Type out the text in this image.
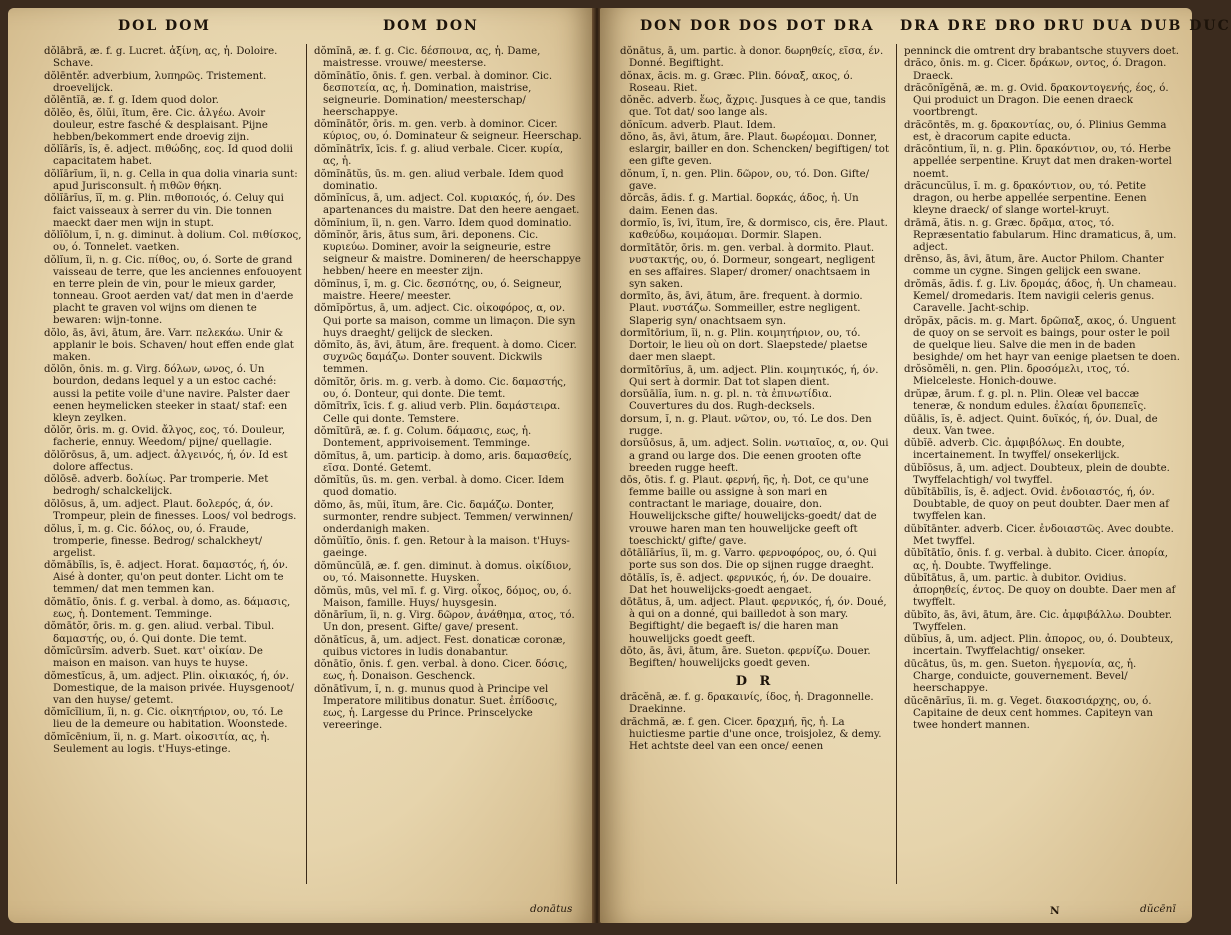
DOL DOM	DOM DON

dŏlābrā, æ. f. g. Lucret. ἀξίνη, ας, ἡ. Doloire. Schave.

dŏlēntěr. adverbium, λυπηρῶς. Tristement. droevelijck.

dŏlēntĭā, æ. f. g. Idem quod dolor.

dŏlĕo, ēs, ŏlŭi, ĭtum, ēre. Cic. ἀλγέω. Avoir douleur, estre fasché & desplaisant. Pijne hebben/bekommert ende droevig zijn.

dŏlĭārĭs, ĭs, ē. adject. πιθώδης, εος. Id quod dolii capacitatem habet.

dŏlĭārĭum, ĭi, n. g. Cella in qua dolia vinaria sunt: apud Jurisconsult. ἡ πιθῶν θήκη.

dŏlĭārĭus, ĭĭ, m. g. Plin. πιθοποιός, ό. Celuy qui faict vaisseaux à serrer du vin. Die tonnen maeckt daer men wijn in stupt.

dŏlĭŏlum, ĭ, n. g. diminut. à dolium. Col. πιθίσκος, ου, ό. Tonnelet. vaetken.

dŏlĭum, ĭi, n. g. Cic. πίθος, ου, ό. Sorte de grand vaisseau de terre, que les anciennes enfouoyent en terre plein de vin, pour le mieux garder, tonneau. Groot aerden vat/ dat men in d'aerde placht te graven vol wijns om dienen te bewaren: wijn-tonne.

dŏlo, ās, āvi, ātum, āre. Varr. πελεκάω. Unir & applanir le bois. Schaven/ hout effen ende glat maken.

dŏlōn, ōnis. m. g. Virg. δόλων, ωνος, ό. Un bourdon, dedans lequel y a un estoc caché: aussi la petite voile d'une navire. Palster daer eenen heymelicken steeker in staat/ staf: een kleyn zeylken.

dŏlŏr, ōris. m. g. Ovid. ἄλγος, εος, τό. Douleur, facherie, ennuy. Weedom/ pijne/ quellagie.

dŏlŏrōsus, ā, um. adject. ἀλγεινός, ή, όν. Id est dolore affectus.

dŏlōsē. adverb. δολίως. Par tromperie. Met bedrogh/ schalckelijck.

dŏlōsus, ā, um. adject. Plaut. δολερός, ά, όν. Trompeur, plein de finesses. Loos/ vol bedrogs.

dŏlus, ĭ, m. g. Cic. δόλος, ου, ό. Fraude, tromperie, finesse. Bedrog/ schalckheyt/ argelist.

dŏmābĭlis, ĭs, ē. adject. Horat. δαμαστός, ή, όν. Aisé à donter, qu'on peut donter. Licht om te temmen/ dat men temmen kan.

dŏmātĭo, ōnis. f. g. verbal. à domo, as. δάμασις, εως, ἡ. Dontement. Temminge.

dŏmātŏr, ōris. m. g. gen. aliud. verbal. Tibul. δαμαστής, ου, ό. Qui donte. Die temt.

dŏmĭcūrsĭm. adverb. Suet. κατ' οἰκίαν. De maison en maison. van huys te huyse.

dŏmestĭcus, ā, um. adject. Plin. οἰκιακός, ή, όν. Domestique, de la maison privée. Huysgenoot/ van den huyse/ getemt.

dŏmĭcĭlium, ĭi, n. g. Cic. οἰκητήριον, ου, τό. Le lieu de la demeure ou habitation. Woonstede.

dŏmĭcēnium, ĭi, n. g. Mart. οἰκοσιτία, ας, ἡ. Seulement au logis. t'Huys-etinge.

dŏmĭnā, æ. f. g. Cic. δέσποινα, ας, ἡ. Dame, maistresse. vrouwe/ meesterse.

dŏmĭnātĭo, ōnis. f. gen. verbal. à dominor. Cic. δεσποτεία, ας, ἡ. Domination, maistrise, seigneurie. Domination/ meesterschap/ heerschappye.

dŏmĭnātŏr, ōris. m. gen. verb. à dominor. Cicer. κύριος, ου, ό. Dominateur & seigneur. Heerschap.

dŏmĭnātrīx, īcis. f. g. aliud verbale. Cicer. κυρία, ας, ἡ.

dŏmĭnātŭs, ūs. m. gen. aliud verbale. Idem quod dominatio.

dŏmĭnĭcus, ā, um. adject. Col. κυριακός, ή, όν. Des apartenances du maistre. Dat den heere aengaet.

dŏmĭnium, ĭi, n. gen. Varro. Idem quod dominatio.

dŏmĭnŏr, āris, ātus sum, āri. deponens. Cic. κυριεύω. Dominer, avoir la seigneurie, estre seigneur & maistre. Domineren/ de heerschappye hebben/ heere en meester zijn.

dŏmĭnus, ĭ, m. g. Cic. δεσπότης, ου, ό. Seigneur, maistre. Heere/ meester.

dŏmĭpŏrtus, ā, um. adject. Cic. οἰκοφόρος, α, ον. Qui porte sa maison, comme un limaçon. Die syn huys draeght/ gelijck de slecken.

dŏmĭto, ās, āvi, ātum, āre. frequent. à domo. Cicer. συχνῶς δαμάζω. Donter souvent. Dickwils temmen.

dŏmĭtŏr, ōris. m. g. verb. à domo. Cic. δαμαστής, ου, ό. Donteur, qui donte. Die temt.

dŏmĭtrīx, īcis. f. g. aliud verb. Plin. δαμάστειρα. Celle qui donte. Temstere.

dŏmĭtūrā, æ. f. g. Colum. δάμασις, εως, ἡ. Dontement, apprivoisement. Temminge.

dŏmĭtus, ā, um. particip. à domo, aris. δαμασθείς, εῖσα. Donté. Getemt.

dŏmĭtŭs, ūs. m. gen. verbal. à domo. Cicer. Idem quod domatio.

dŏmo, ās, mŭi, ĭtum, āre. Cic. δαμάζω. Donter, surmonter, rendre subject. Temmen/ verwinnen/ onderdanigh maken.

dŏmŭĭtĭo, ōnis. f. gen. Retour à la maison. t'Huys-gaeinge.

dŏmŭncŭlā, æ. f. gen. diminut. à domus. οἰκίδιον, ου, τό. Maisonnette. Huysken.

dŏmŭs, mūs, vel mī. f. g. Virg. οἶκος, δόμος, ου, ό. Maison, famille. Huys/ huysgesin.

dŏnārĭum, ĭi, n. g. Virg. δῶρον, ἀνάθημα, ατος, τό. Un don, present. Gifte/ gave/ present.

dŏnātĭcus, ā, um. adject. Fest. donaticæ coronæ, quibus victores in ludis donabantur.

dŏnātĭo, ōnis. f. gen. verbal. à dono. Cicer. δόσις, εως, ἡ. Donaison. Geschenck.

dŏnātīvum, ĭ, n. g. munus quod à Principe vel Imperatore militibus donatur. Suet. ἐπίδοσις, εως, ἡ. Largesse du Prince. Prinscelycke vereeringe.

donātus
DON DOR DOS DOT DRA DRA DRE DRO DRU DUA DUB DUC

dŏnātus, ā, um. partic. à donor. δωρηθείς, εῖσα, έν. Donné. Begiftight.

dŏnax, ăcis. m. g. Græc. Plin. δόναξ, ακος, ό. Roseau. Riet.

dŏnĕc. adverb. ἕως, ἄχρις. Jusques à ce que, tandis que. Tot dat/ soo lange als.

dŏnĭcum. adverb. Plaut. Idem.

dŏno, ās, āvi, ātum, āre. Plaut. δωρέομαι. Donner, eslargir, bailler en don. Schencken/ begiftigen/ tot een gifte geven.

dŏnum, ĭ, n. gen. Plin. δῶρον, ου, τό. Don. Gifte/ gave.

dŏrcās, ădis. f. g. Martial. δορκάς, άδος, ἡ. Un daim. Eenen das.

dormĭo, īs, īvi, ītum, īre, & dormisco, cis, ēre. Plaut. καθεύδω, κοιμάομαι. Dormir. Slapen.

dormītātŏr, ōris. m. gen. verbal. à dormito. Plaut. νυστακτής, ου, ό. Dormeur, songeart, negligent en ses affaires. Slaper/ dromer/ onachtsaem in syn saken.

dormīto, ās, āvi, ātum, āre. frequent. à dormio. Plaut. νυστάζω. Sommeiller, estre negligent. Slaperig syn/ onachtsaem syn.

dormītōrium, ĭi, n. g. Plin. κοιμητήριον, ου, τό. Dortoir, le lieu où on dort. Slaepstede/ plaetse daer men slaept.

dormītōrĭus, ā, um. adject. Plin. κοιμητικός, ή, όν. Qui sert à dormir. Dat tot slapen dient.

dorsŭālĭa, ĭum. n. g. pl. n. τὰ ἐπινωτίδια. Couvertures du dos. Rugh-decksels.

dorsum, ĭ, n. g. Plaut. νῶτον, ου, τό. Le dos. Den rugge.

dorsŭōsus, ā, um. adject. Solin. νωτιαῖος, α, ον. Qui a grand ou large dos. Die eenen grooten ofte breeden rugge heeft.

dōs, ōtis. f. g. Plaut. φερνή, ῆς, ἡ. Dot, ce qu'une femme baille ou assigne à son mari en contractant le mariage, douaire, don. Houwelijcksche gifte/ houwelijcks-goedt/ dat de vrouwe haren man ten houwelijcke geeft oft toeschickt/ gifte/ gave.

dōtālĭārĭus, ĭi, m. g. Varro. φερνοφόρος, ου, ό. Qui porte sus son dos. Die op sijnen rugge draeght.

dōtālĭs, ĭs, ē. adject. φερνικός, ή, όν. De douaire. Dat het houwelijcks-goedt aengaet.

dōtātus, ā, um. adject. Plaut. φερνικός, ή, όν. Doué, à qui on a donné, qui bailledot à son mary. Begiftight/ die begaeft is/ die haren man houwelijcks goedt geeft.

dōto, ās, āvi, ātum, āre. Sueton. φερνίζω. Douer. Begiften/ houwelijcks goedt geven.

D R

drăcĕnā, æ. f. g. δρακαινίς, ίδος, ἡ. Dragonnelle. Draekinne.

drăchmă, æ. f. gen. Cicer. δραχμή, ῆς, ἡ. La huictiesme partie d'une once, troisjolez, & demy. Het achtste deel van een once/ eenen

penninck die omtrent dry brabantsche stuyvers doet.

drăco, ōnis. m. g. Cicer. δράκων, οντος, ό. Dragon. Draeck.

drăcōnĭgĕnă, æ. m. g. Ovid. δρακοντογενής, έος, ό. Qui produict un Dragon. Die eenen draeck voortbrengt.

drăcōntēs, m. g. δρακοντίας, ου, ό. Plinius Gemma est, è dracorum capite educta.

drăcōntium, ĭi, n. g. Plin. δρακόντιον, ου, τό. Herbe appellée serpentine. Kruyt dat men draken-wortel noemt.

drăcuncŭlus, ĭ. m. g. δρακόντιον, ου, τό. Petite dragon, ou herbe appellée serpentine. Eenen kleyne draeck/ of slange wortel-kruyt.

drāmă, ătis. n. g. Græc. δρᾶμα, ατος, τό. Repræsentatio fabularum. Hinc dramaticus, ā, um. adject.

drēnso, ās, āvi, ātum, āre. Auctor Philom. Chanter comme un cygne. Singen gelijck een swane.

drŏmăs, ădis. f. g. Liv. δρομάς, άδος, ἡ. Un chameau. Kemel/ dromedaris. Item navigii celeris genus. Caravelle. Jacht-schip.

drŏpăx, păcis. m. g. Mart. δρῶπαξ, ακος, ό. Unguent de quoy on se servoit es baings, pour oster le poil de quelque lieu. Salve die men in de baden besighde/ om het hayr van eenige plaetsen te doen.

drŏsŏmĕli, n. gen. Plin. δροσόμελι, ιτος, τό. Mielceleste. Honich-douwe.

drŭpæ, ārum. f. g. pl. n. Plin. Oleæ vel baccæ teneræ, & nondum edules. ἐλαίαι δρυπεπεῖς.

dŭālis, ĭs, ē. adject. Quint. δυϊκός, ή, όν. Dual, de deux. Van twee.

dŭbĭē. adverb. Cic. ἀμφιβόλως. En doubte, incertainement. In twyffel/ onsekerlijck.

dŭbĭōsus, ā, um. adject. Doubteux, plein de doubte. Twyffelachtigh/ vol twyffel.

dŭbĭtābĭlis, ĭs, ē. adject. Ovid. ἐνδοιαστός, ή, όν. Doubtable, de quoy on peut doubter. Daer men af twyffelen kan.

dŭbĭtānter. adverb. Cicer. ἐνδοιαστῶς. Avec doubte. Met twyffel.

dŭbĭtātĭo, ōnis. f. g. verbal. à dubito. Cicer. ἀπορία, ας, ἡ. Doubte. Twyffelinge.

dŭbĭtātus, ā, um. partic. à dubitor. Ovidius. ἀπορηθείς, έντος. De quoy on doubte. Daer men af twyffelt.

dŭbĭto, ās, āvi, ātum, āre. Cic. ἀμφιβάλλω. Doubter. Twyffelen.

dŭbĭus, ā, um. adject. Plin. ἀπορος, ου, ό. Doubteux, incertain. Twyffelachtig/ onseker.

dūcātus, ūs, m. gen. Sueton. ἡγεμονία, ας, ἡ. Charge, conduicte, gouvernement. Bevel/ heerschappye.

dŭcēnārĭus, ĭi. m. g. Veget. διακοσιάρχης, ου, ό. Capitaine de deux cent hommes. Capiteyn van twee hondert mannen.

N	dŭcēnī
